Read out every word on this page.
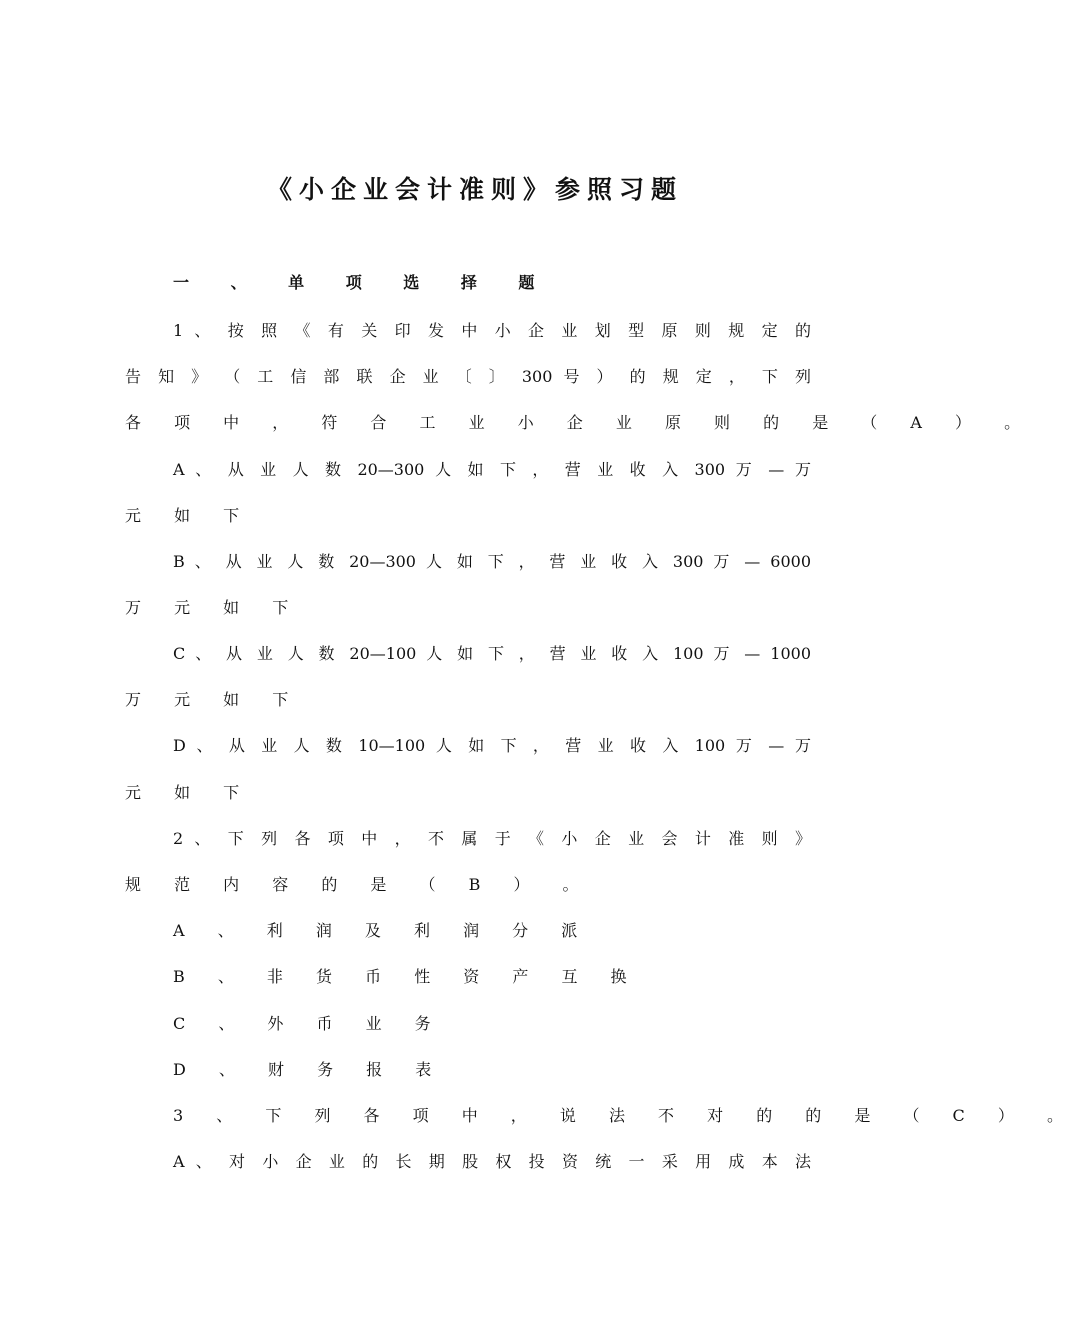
《小企业会计准则》参照习题
一 、 单 项 选 择 题
1 、 按 照 《 有 关 印 发 中 小 企 业 划 型 原 则 规 定 的
告 知 》 （ 工 信 部 联 企 业 〔 〕 300 号 ） 的 规 定 ， 下 列
各 项 中 ， 符 合 工 业 小 企 业 原 则 的 是 （ A ） 。
A 、 从 业 人 数 20—300 人 如 下 ， 营 业 收 入 300 万 — 万
元 如 下
B 、 从 业 人 数 20—300 人 如 下 ， 营 业 收 入 300 万 — 6000
万 元 如 下
C 、 从 业 人 数 20—100 人 如 下 ， 营 业 收 入 100 万 — 1000
万 元 如 下
D 、 从 业 人 数 10—100 人 如 下 ， 营 业 收 入 100 万 — 万
元 如 下
2 、 下 列 各 项 中 ， 不 属 于 《 小 企 业 会 计 准 则 》
规 范 内 容 的 是 （ B ） 。
A 、 利 润 及 利 润 分 派
B 、 非 货 币 性 资 产 互 换
C 、 外 币 业 务
D 、 财 务 报 表
3 、 下 列 各 项 中 ， 说 法 不 对 的 的 是 （ C ） 。
A 、 对 小 企 业 的 长 期 股 权 投 资 统 一 采 用 成 本 法
